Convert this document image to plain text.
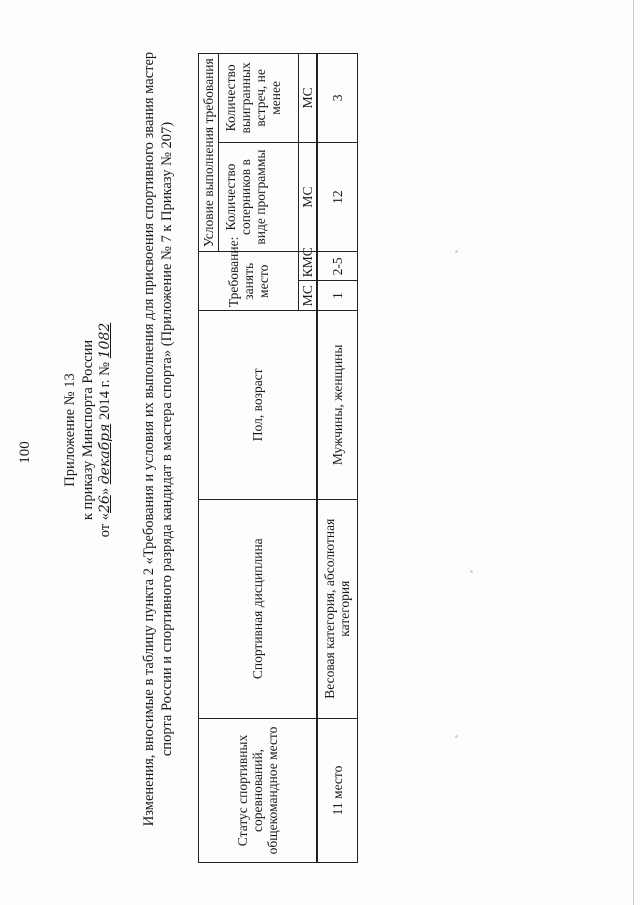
100 Приложение № 13 к приказу Минспорта России
от «26» декабря 2014 г. № 1082 Изменения, вносимые в таблицу пункта 2 «Требования и условия их выполнения для присвоения спортивного звания мастер спорта России и спортивного разряда кандидат в мастера спорта» (Приложение № 7 к Приказу № 207)
Статус спортивных соревнований, общекомандное место	Спортивная дисциплина	Пол, возраст	Требование: занять место		Условие выполнения требования	
					Количество соперников в виде программы	Количество выигранных встреч, не менее
			МС	КМС	МС	МС
11 место	Весовая категория, абсолютная категория	Мужчины, женщины	1	2-5	12	3
